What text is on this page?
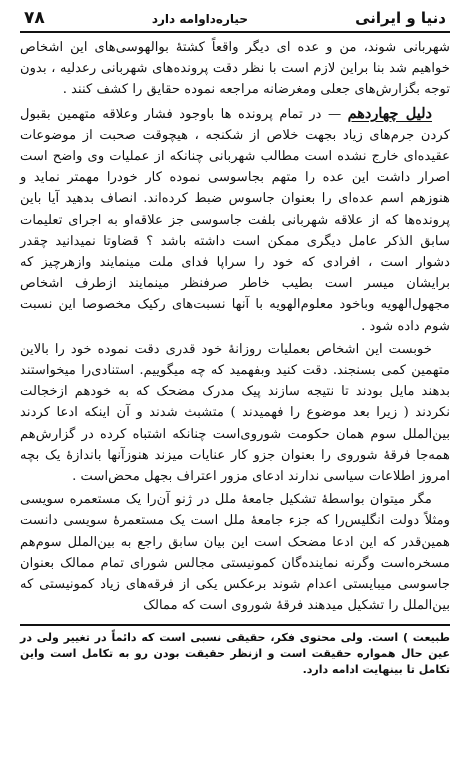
دنیا و ایرانی
حیاره‌داوامه دارد
۷۸

شهربانی شوند، من و عده ای دیگر واقعاً کشتهٔ بوالهوسی‌های این اشخاص خواهیم شد بنا براین لازم است با نظر دقت پرونده‌های شهربانی رعدلیه ، بدون توجه بگزارش‌های جعلی ومغرضانه مراجعه نموده حقایق را کشف کنند .

دلیل چهاردهم — در تمام پرونده ها باوجود فشار وعلاقه متهمین بقبول کردن جرم‌های زیاد بجهت خلاص از شکنجه ، هیچوقت صحبت از موضوعات عقیده‌ای خارج نشده است مطالب شهربانی چنانکه از عملیات وی واضح است اصرار داشت این عده را متهم بجاسوسی نموده کار خودرا مهمتر نماید و هنوزهم اسم عده‌ای را بعنوان جاسوس ضبط کرده‌اند. انصاف بدهید آیا باین پرونده‌ها که از علاقه شهربانی بلفت جاسوسی جز علاقه‌او به اجرای تعلیمات سابق الذکر عامل دیگری ممکن است داشته باشد ؟ قضاوتا نمیدانید چقدر دشوار است ، افرادی که خود را سراپا فدای ملت مینمایند وازهرچیز که برایشان میسر است بطیب خاطر صرفنظر مینمایند ازطرف اشخاص مجهول‌الهویه وباخود معلوم‌الهویه با آنها نسبت‌های رکیک مخصوصا این نسبت شوم داده شود .

خوبست این اشخاص بعملیات روزانهٔ خود قدری دقت نموده خود را بالاین متهمین کمی بسنجند. دقت کنید وبفهمید که چه میگوییم. استنادی‌را میخواستند بدهند مایل بودند تا نتیجه سازند پیک مدرک مضحک که به خودهم ازخجالت نکردند ( زیرا بعد موضوع را فهمیدند ) متشبث شدند و آن اینکه ادعا کردند بین‌الملل سوم همان حکومت شوروی‌است چنانکه اشتباه کرده در گزارش‌هم همه‌جا فرقهٔ شوروی را بعنوان جزو کار عنایات میزند هنوزآنها باندازهٔ یک بچه امروز اطلاعات سیاسی ندارند ادعای مزور اعتراف بجهل محض‌است .

مگر میتوان بواسطهٔ تشکیل جامعهٔ ملل در ژنو آن‌را یک مستعمره سویسی ومثلاً دولت انگلیس‌را که جزء جامعهٔ ملل است یک مستعمرهٔ سویسی دانست همین‌قدر که این ادعا مضحک است این بیان سابق راجع به بین‌الملل سوم‌هم مسخره‌است وگرنه نماینده‌گان کمونیستی مجالس شورای تمام ممالک بعنوان جاسوسی میبایستی اعدام شوند برعکس یکی از فرقه‌های زیاد کمونیستی که بین‌الملل را تشکیل میدهند فرقهٔ شوروی است که ممالک

طبیعت ) است. ولی محتوی فکر، حقیقی نسبی است که دائماً در تغییر ولی در عین حال همواره حقیقت است و ازنظر حقیقت بودن رو به تکامل است واین تکامل تا بینهایت ادامه دارد.
